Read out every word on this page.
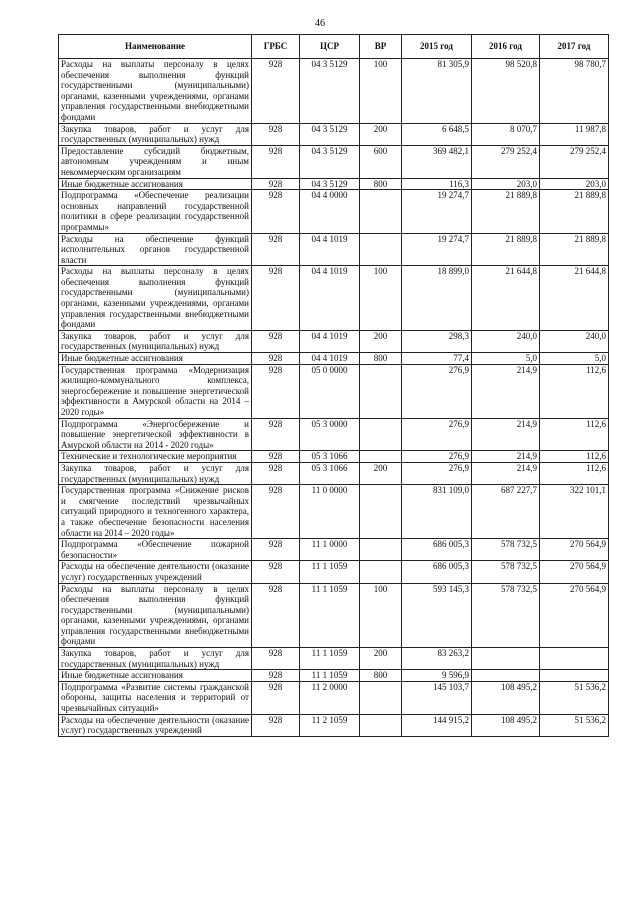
46
Наименование	ГРБС	ЦСР	ВР	2015 год	2016 год	2017 год
Расходы на выплаты персоналу в целях обеспечения выполнения функций государственными (муниципальными) органами, казенными учреждениями, органами управления государственными внебюджетными фондами	928	04 3 5129	100	81 305,9	98 520,8	98 780,7
Закупка товаров, работ и услуг для государственных (муниципальных) нужд	928	04 3 5129	200	6 648,5	8 070,7	11 987,8
Предоставление субсидий бюджетным, автономным учреждениям и иным некоммерческим организациям	928	04 3 5129	600	369 482,1	279 252,4	279 252,4
Иные бюджетные ассигнования	928	04 3 5129	800	116,3	203,0	203,0
Подпрограмма «Обеспечение реализации основных направлений государственной политики в сфере реализации государственной программы»	928	04 4 0000		19 274,7	21 889,8	21 889,8
Расходы на обеспечение функций исполнительных органов государственной власти	928	04 4 1019		19 274,7	21 889,8	21 889,8
Расходы на выплаты персоналу в целях обеспечения выполнения функций государственными (муниципальными) органами, казенными учреждениями, органами управления государственными внебюджетными фондами	928	04 4 1019	100	18 899,0	21 644,8	21 644,8
Закупка товаров, работ и услуг для государственных (муниципальных) нужд	928	04 4 1019	200	298,3	240,0	240,0
Иные бюджетные ассигнования	928	04 4 1019	800	77,4	5,0	5,0
Государственная программа «Модернизация жилищно-коммунального комплекса, энергосбережение и повышение энергетической эффективности в Амурской области на 2014 – 2020 годы»	928	05 0 0000		276,9	214,9	112,6
Подпрограмма «Энергосбережение и повышение энергетической эффективности в Амурской области на 2014 - 2020 годы»	928	05 3 0000		276,9	214,9	112,6
Технические и технологические мероприятия	928	05 3 1066		276,9	214,9	112,6
Закупка товаров, работ и услуг для государственных (муниципальных) нужд	928	05 3 1066	200	276,9	214,9	112,6
Государственная программа «Снижение рисков и смягчение последствий чрезвычайных ситуаций природного и техногенного характера, а также обеспечение безопасности населения области на 2014 – 2020 годы»	928	11 0 0000		831 109,0	687 227,7	322 101,1
Подпрограмма «Обеспечение пожарной безопасности»	928	11 1 0000		686 005,3	578 732,5	270 564,9
Расходы на обеспечение деятельности (оказание услуг) государственных учреждений	928	11 1 1059		686 005,3	578 732,5	270 564,9
Расходы на выплаты персоналу в целях обеспечения выполнения функций государственными (муниципальными) органами, казенными учреждениями, органами управления государственными внебюджетными фондами	928	11 1 1059	100	593 145,3	578 732,5	270 564,9
Закупка товаров, работ и услуг для государственных (муниципальных) нужд	928	11 1 1059	200	83 263,2		
Иные бюджетные ассигнования	928	11 1 1059	800	9 596,9		
Подпрограмма «Развитие системы гражданской обороны, защиты населения и территорий от чрезвычайных ситуаций»	928	11 2 0000		145 103,7	108 495,2	51 536,2
Расходы на обеспечение деятельности (оказание услуг) государственных учреждений	928	11 2 1059		144 915,2	108 495,2	51 536,2
